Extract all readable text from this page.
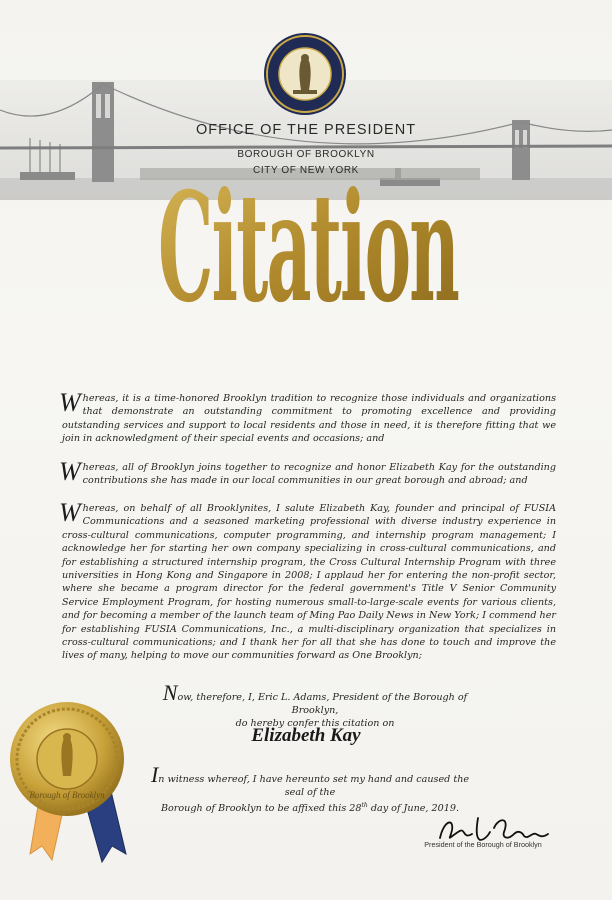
OFFICE OF THE PRESIDENT
BOROUGH OF BROOKLYN
CITY OF NEW YORK
Citation
Whereas, it is a time-honored Brooklyn tradition to recognize those individuals and organizations that demonstrate an outstanding commitment to promoting excellence and providing outstanding services and support to local residents and those in need, it is therefore fitting that we join in acknowledgment of their special events and occasions; and
Whereas, all of Brooklyn joins together to recognize and honor Elizabeth Kay for the outstanding contributions she has made in our local communities in our great borough and abroad; and
Whereas, on behalf of all Brooklynites, I salute Elizabeth Kay, founder and principal of FUSIA Communications and a seasoned marketing professional with diverse industry experience in cross-cultural communications, computer programming, and internship program management; I acknowledge her for starting her own company specializing in cross-cultural communications, and for establishing a structured internship program, the Cross Cultural Internship Program with three universities in Hong Kong and Singapore in 2008; I applaud her for entering the non-profit sector, where she became a program director for the federal government's Title V Senior Community Service Employment Program, for hosting numerous small-to-large-scale events for various clients, and for becoming a member of the launch team of Ming Pao Daily News in New York; I commend her for establishing FUSIA Communications, Inc., a multi-disciplinary organization that specializes in cross-cultural communications; and I thank her for all that she has done to touch and improve the lives of many, helping to move our communities forward as One Brooklyn;
Now, therefore, I, Eric L. Adams, President of the Borough of Brooklyn,
do hereby confer this citation on
Elizabeth Kay
In witness whereof, I have hereunto set my hand and caused the seal of the
Borough of Brooklyn to be affixed this 28th day of June, 2019.
President of the Borough of Brooklyn
Borough of Brooklyn
